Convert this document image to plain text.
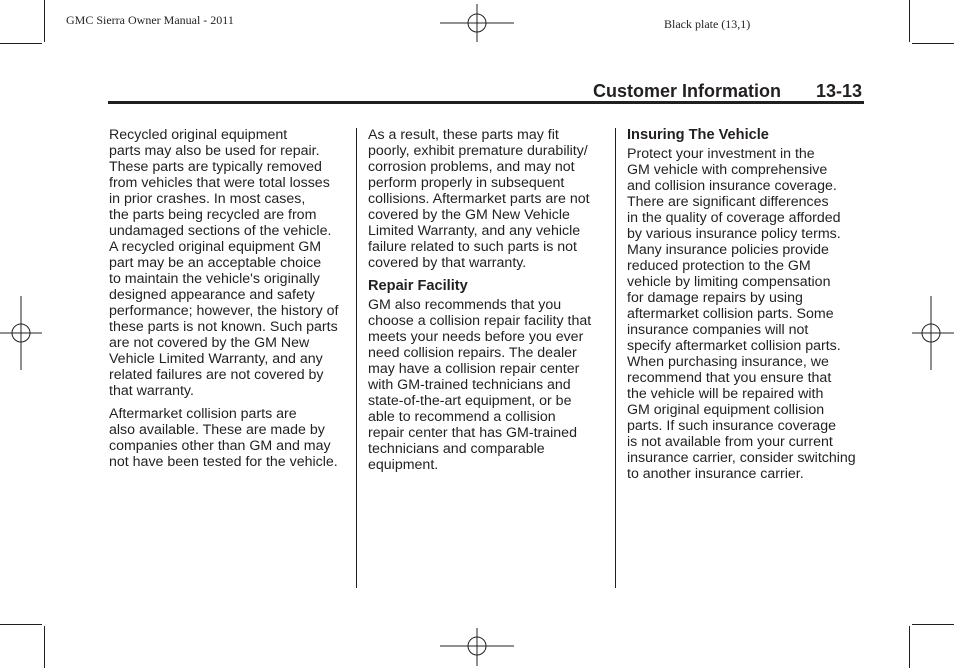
GMC Sierra Owner Manual - 2011	Black plate (13,1)
Customer Information 13-13

Recycled original equipment
parts may also be used for repair.
These parts are typically removed
from vehicles that were total losses
in prior crashes. In most cases,
the parts being recycled are from
undamaged sections of the vehicle.
A recycled original equipment GM
part may be an acceptable choice
to maintain the vehicle's originally
designed appearance and safety
performance; however, the history of
these parts is not known. Such parts
are not covered by the GM New
Vehicle Limited Warranty, and any
related failures are not covered by
that warranty.

Aftermarket collision parts are
also available. These are made by
companies other than GM and may
not have been tested for the vehicle.

As a result, these parts may fit
poorly, exhibit premature durability/
corrosion problems, and may not
perform properly in subsequent
collisions. Aftermarket parts are not
covered by the GM New Vehicle
Limited Warranty, and any vehicle
failure related to such parts is not
covered by that warranty.

Repair Facility

GM also recommends that you
choose a collision repair facility that
meets your needs before you ever
need collision repairs. The dealer
may have a collision repair center
with GM-trained technicians and
state-of-the-art equipment, or be
able to recommend a collision
repair center that has GM-trained
technicians and comparable
equipment.

Insuring The Vehicle

Protect your investment in the
GM vehicle with comprehensive
and collision insurance coverage.
There are significant differences
in the quality of coverage afforded
by various insurance policy terms.
Many insurance policies provide
reduced protection to the GM
vehicle by limiting compensation
for damage repairs by using
aftermarket collision parts. Some
insurance companies will not
specify aftermarket collision parts.
When purchasing insurance, we
recommend that you ensure that
the vehicle will be repaired with
GM original equipment collision
parts. If such insurance coverage
is not available from your current
insurance carrier, consider switching
to another insurance carrier.
